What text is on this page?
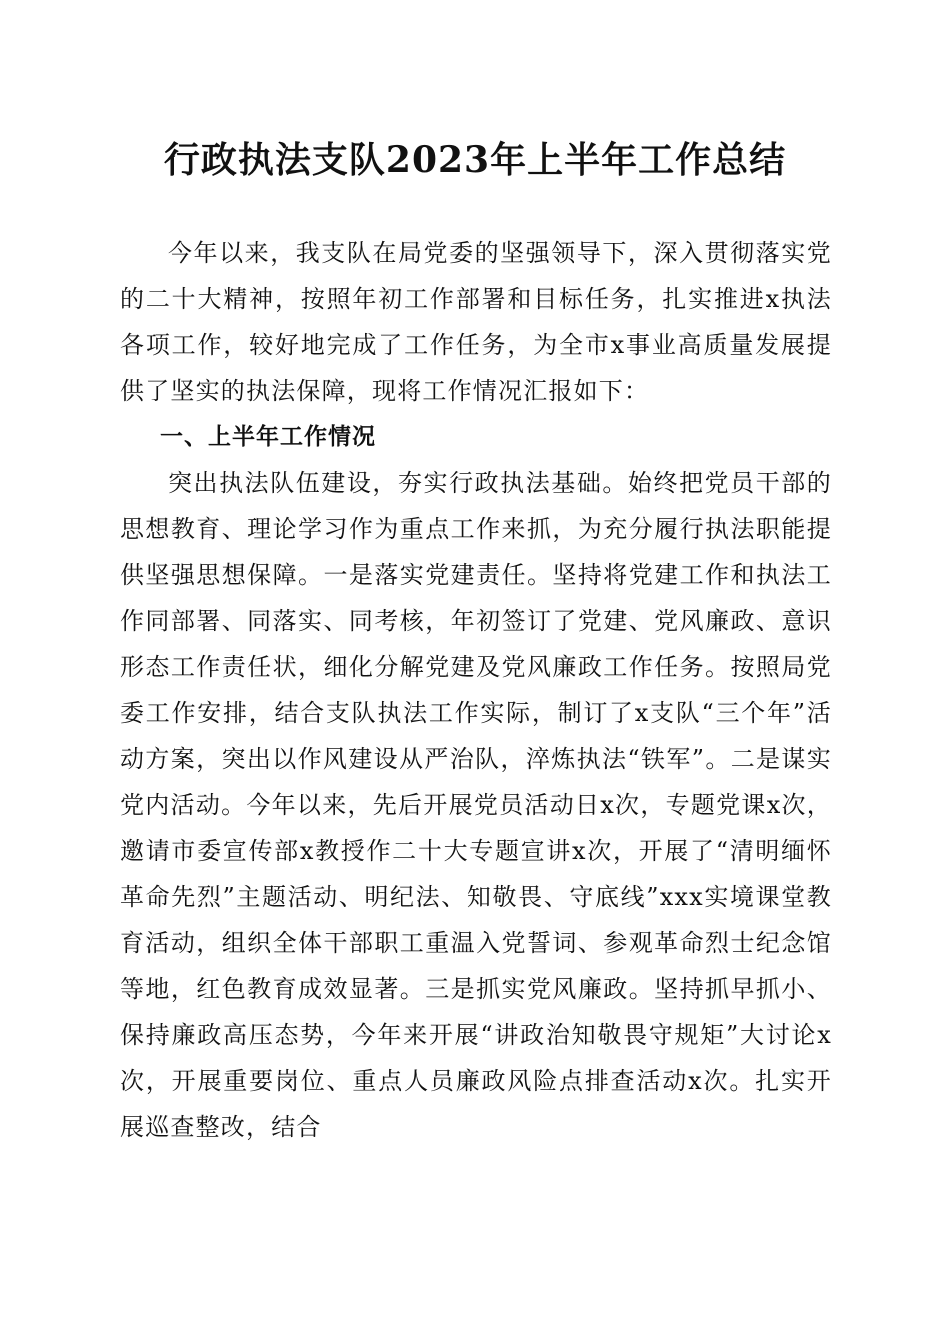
行政执法支队2023年上半年工作总结

今年以来，我支队在局党委的坚强领导下，深入贯彻落实党的二十大精神，按照年初工作部署和目标任务，扎实推进x执法各项工作，较好地完成了工作任务，为全市x事业高质量发展提供了坚实的执法保障，现将工作情况汇报如下：

一、上半年工作情况

突出执法队伍建设，夯实行政执法基础。始终把党员干部的思想教育、理论学习作为重点工作来抓，为充分履行执法职能提供坚强思想保障。一是落实党建责任。坚持将党建工作和执法工作同部署、同落实、同考核，年初签订了党建、党风廉政、意识形态工作责任状，细化分解党建及党风廉政工作任务。按照局党委工作安排，结合支队执法工作实际，制订了x支队“三个年”活动方案，突出以作风建设从严治队，淬炼执法“铁军”。二是谋实党内活动。今年以来，先后开展党员活动日x次，专题党课x次，邀请市委宣传部x教授作二十大专题宣讲x次，开展了“清明缅怀革命先烈”主题活动、明纪法、知敬畏、守底线”xxx实境课堂教育活动，组织全体干部职工重温入党誓词、参观革命烈士纪念馆等地，红色教育成效显著。三是抓实党风廉政。坚持抓早抓小、保持廉政高压态势，今年来开展“讲政治知敬畏守规矩”大讨论x次，开展重要岗位、重点人员廉政风险点排查活动x次。扎实开展巡查整改，结合
